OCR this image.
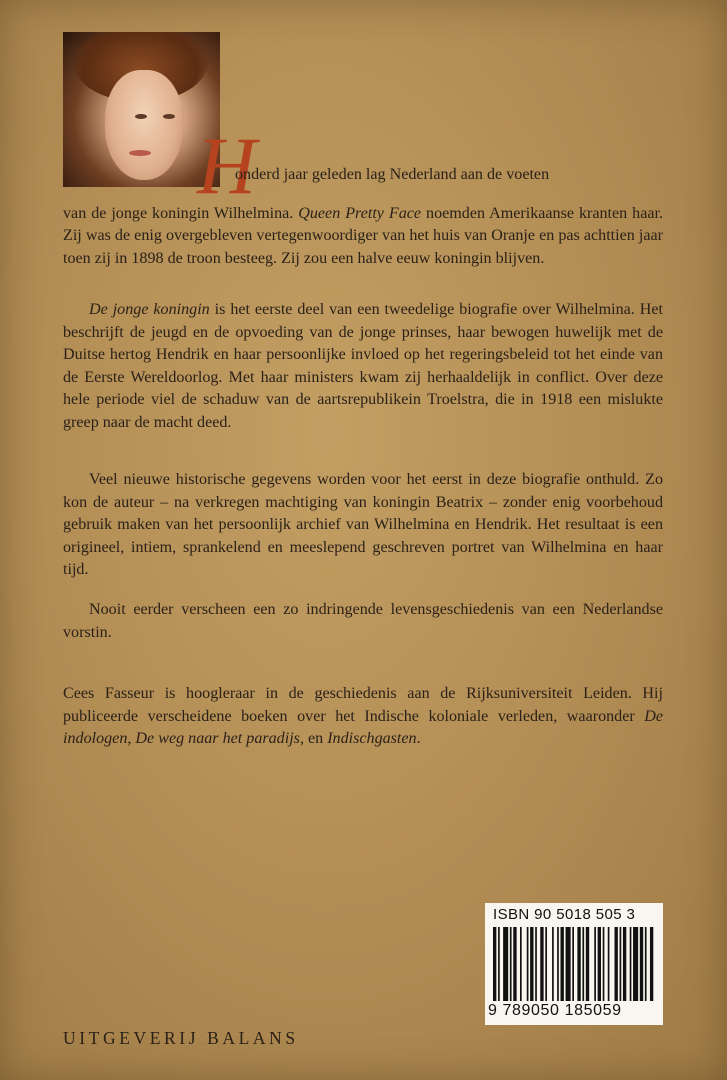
H
onderd jaar geleden lag Nederland aan de voeten

van de jonge koningin Wilhelmina. Queen Pretty Face noemden Amerikaanse kranten haar. Zij was de enig overgebleven vertegenwoordiger van het huis van Oranje en pas achttien jaar toen zij in 1898 de troon besteeg. Zij zou een halve eeuw koningin blijven.

De jonge koningin is het eerste deel van een tweedelige biografie over Wilhelmina. Het beschrijft de jeugd en de opvoeding van de jonge prinses, haar bewogen huwelijk met de Duitse hertog Hendrik en haar persoonlijke invloed op het regeringsbeleid tot het einde van de Eerste Wereldoorlog. Met haar ministers kwam zij herhaaldelijk in conflict. Over deze hele periode viel de schaduw van de aartsrepublikein Troelstra, die in 1918 een mislukte greep naar de macht deed.

Veel nieuwe historische gegevens worden voor het eerst in deze biografie onthuld. Zo kon de auteur – na verkregen machtiging van koningin Beatrix – zonder enig voorbehoud gebruik maken van het persoonlijk archief van Wilhelmina en Hendrik. Het resultaat is een origineel, intiem, sprankelend en meeslepend geschreven portret van Wilhelmina en haar tijd.

Nooit eerder verscheen een zo indringende levensgeschiedenis van een Nederlandse vorstin.

Cees Fasseur is hoogleraar in de geschiedenis aan de Rijksuniversiteit Leiden. Hij publiceerde verscheidene boeken over het Indische koloniale verleden, waaronder De indologen, De weg naar het paradijs, en Indischgasten.

ISBN 90 5018 505 3
9 789050 185059
UITGEVERIJ BALANS
